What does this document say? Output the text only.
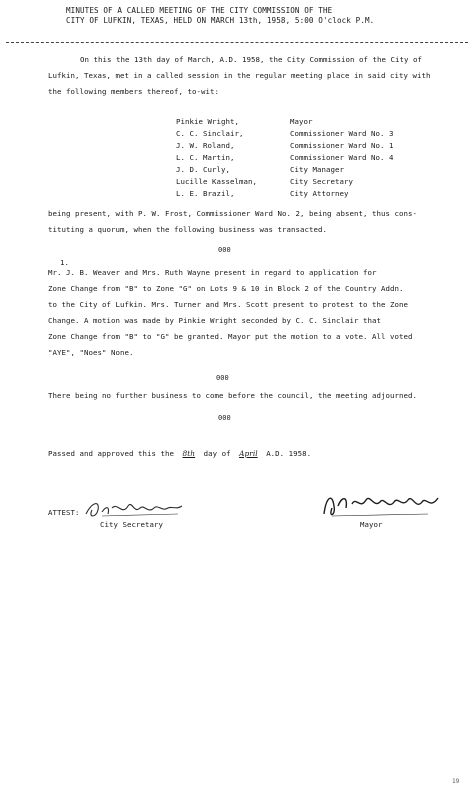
MINUTES OF A CALLED MEETING OF THE CITY COMMISSION OF THE
CITY OF LUFKIN, TEXAS, HELD ON MARCH 13th, 1958, 5:00 O'clock P.M.
On this the 13th day of March, A.D. 1958, the City Commission of the City of
Lufkin, Texas, met in a called session in the regular meeting place in said city with
the following members thereof, to-wit:
Pinkie Wright,	Mayor
C. C. Sinclair,	Commissioner Ward No. 3
J. W. Roland,	Commissioner Ward No. 1
L. C. Martin,	Commissioner Ward No. 4
J. D. Curly,	City Manager
Lucille Kasselman,	City Secretary
L. E. Brazil,	City Attorney
being present, with P. W. Frost, Commissioner Ward No. 2, being absent, thus cons-
tituting a quorum, when the following business was transacted.
000
1.
Mr. J. B. Weaver and Mrs. Ruth Wayne present in regard to application for
Zone Change from "B" to Zone "G" on Lots 9 & 10 in Block 2 of the Country Addn.
to the City of Lufkin. Mrs. Turner and Mrs. Scott present to protest to the Zone
Change. A motion was made by Pinkie Wright seconded by C. C. Sinclair that
Zone Change from "B" to "G" be granted. Mayor put the motion to a vote. All voted
"AYE", "Noes" None.
000
There being no further business to come before the council, the meeting adjourned.
000
Passed and approved this the 8th day of April A.D. 1958.
ATTEST:
City Secretary	Mayor
19
